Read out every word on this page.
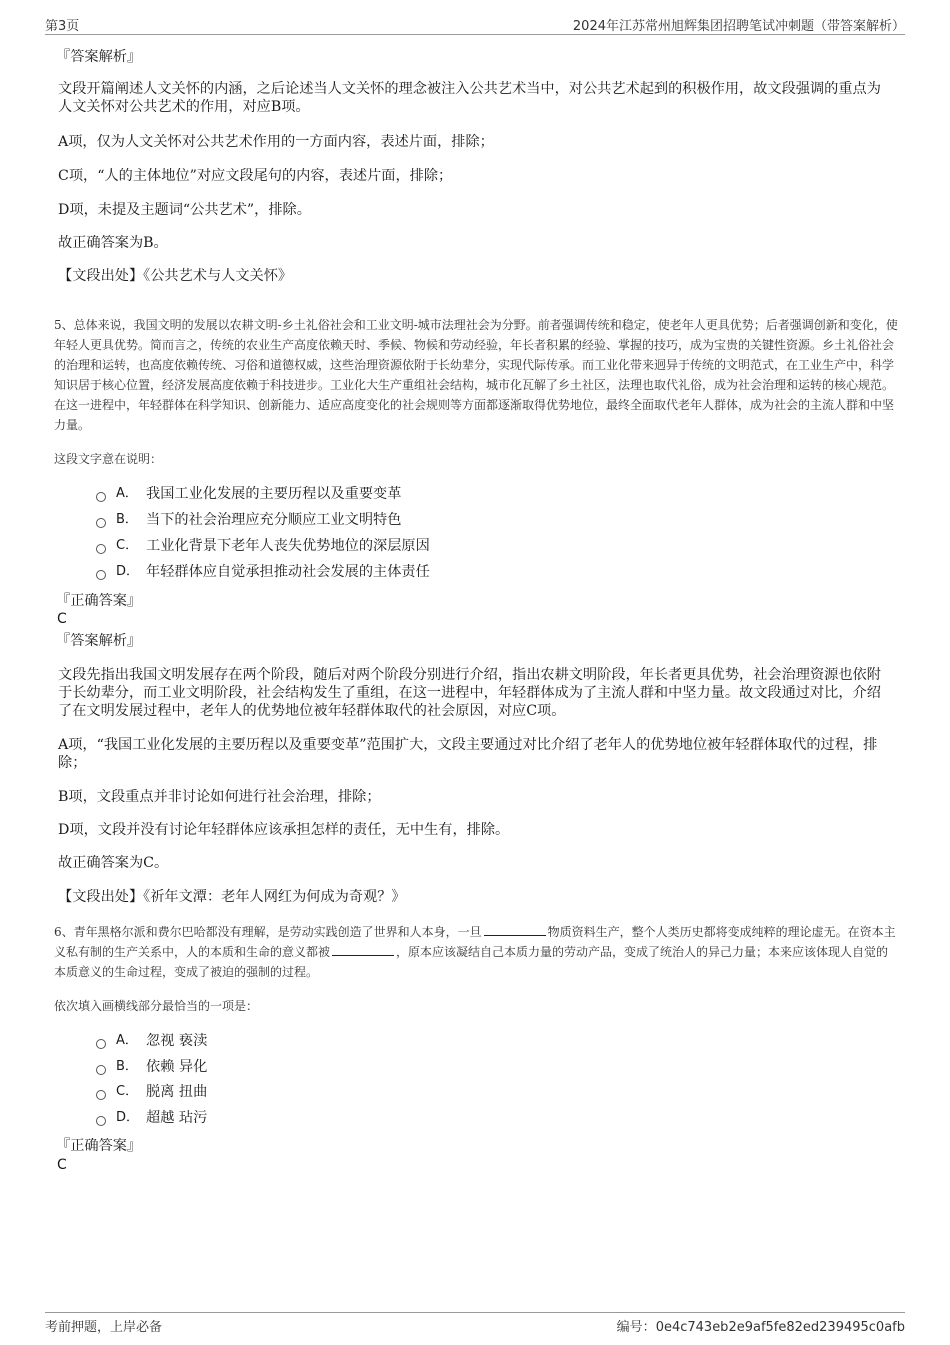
第3页	2024年江苏常州旭辉集团招聘笔试冲刺题（带答案解析）
『答案解析』
文段开篇阐述人文关怀的内涵，之后论述当人文关怀的理念被注入公共艺术当中，对公共艺术起到的积极作用，故文段强调的重点为人文关怀对公共艺术的作用，对应B项。
A项，仅为人文关怀对公共艺术作用的一方面内容，表述片面，排除；
C项，“人的主体地位”对应文段尾句的内容，表述片面，排除；
D项，未提及主题词“公共艺术”，排除。
故正确答案为B。
【文段出处】《公共艺术与人文关怀》
5、总体来说，我国文明的发展以农耕文明-乡土礼俗社会和工业文明-城市法理社会为分野。前者强调传统和稳定，使老年人更具优势；后者强调创新和变化，使年轻人更具优势。简而言之，传统的农业生产高度依赖天时、季候、物候和劳动经验，年长者积累的经验、掌握的技巧，成为宝贵的关键性资源。乡土礼俗社会的治理和运转，也高度依赖传统、习俗和道德权威，这些治理资源依附于长幼辈分，实现代际传承。而工业化带来迥异于传统的文明范式，在工业生产中，科学知识居于核心位置，经济发展高度依赖于科技进步。工业化大生产重组社会结构，城市化瓦解了乡土社区，法理也取代礼俗，成为社会治理和运转的核心规范。在这一进程中，年轻群体在科学知识、创新能力、适应高度变化的社会规则等方面都逐渐取得优势地位，最终全面取代老年人群体，成为社会的主流人群和中坚力量。
这段文字意在说明：
A． 我国工业化发展的主要历程以及重要变革
B． 当下的社会治理应充分顺应工业文明特色
C． 工业化背景下老年人丧失优势地位的深层原因
D． 年轻群体应自觉承担推动社会发展的主体责任
『正确答案』
C
『答案解析』
文段先指出我国文明发展存在两个阶段，随后对两个阶段分别进行介绍，指出农耕文明阶段，年长者更具优势，社会治理资源也依附于长幼辈分，而工业文明阶段，社会结构发生了重组，在这一进程中，年轻群体成为了主流人群和中坚力量。故文段通过对比，介绍了在文明发展过程中，老年人的优势地位被年轻群体取代的社会原因，对应C项。
A项，“我国工业化发展的主要历程以及重要变革”范围扩大，文段主要通过对比介绍了老年人的优势地位被年轻群体取代的过程，排除；
B项，文段重点并非讨论如何进行社会治理，排除；
D项，文段并没有讨论年轻群体应该承担怎样的责任，无中生有，排除。
故正确答案为C。
【文段出处】《祈年文潭：老年人网红为何成为奇观？》
6、青年黑格尔派和费尔巴哈都没有理解，是劳动实践创造了世界和人本身，一旦	物质资料生产，整个人类历史都将变成纯粹的理论虚无。在资本主义私有制的生产关系中，人的本质和生命的意义都被	，原本应该凝结自己本质力量的劳动产品，变成了统治人的异己力量；本来应该体现人自觉的本质意义的生命过程，变成了被迫的强制的过程。
依次填入画横线部分最恰当的一项是：
A． 忽视 亵渎
B． 依赖 异化
C． 脱离 扭曲
D． 超越 玷污
『正确答案』
C
考前押题，上岸必备	编号：0e4c743eb2e9af5fe82ed239495c0afb
